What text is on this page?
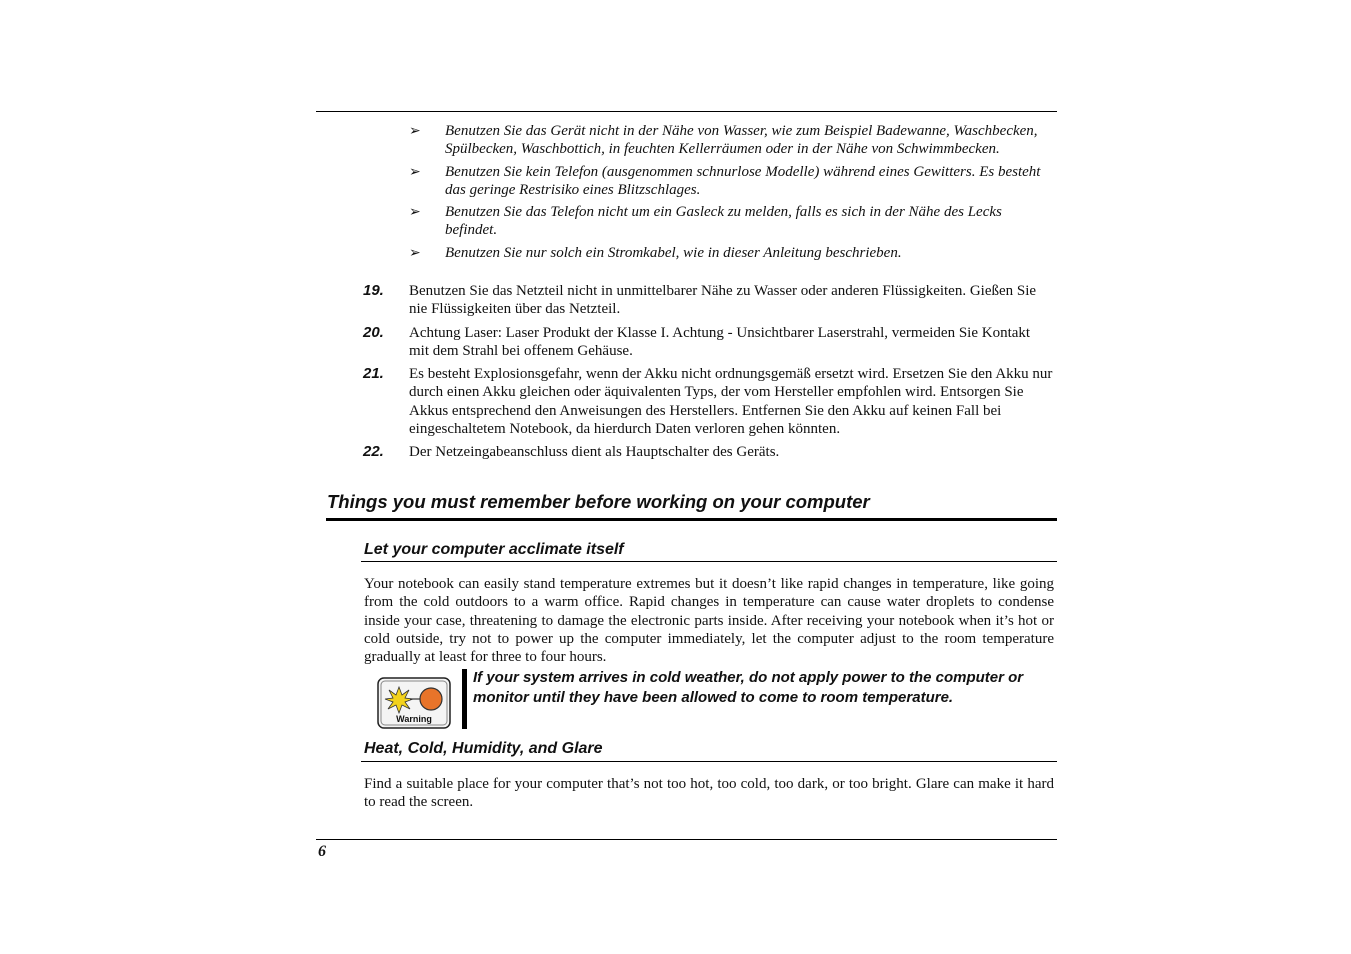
➢	Benutzen Sie das Gerät nicht in der Nähe von Wasser, wie zum Beispiel Badewanne, Waschbecken, Spülbecken, Waschbottich, in feuchten Kellerräumen oder in der Nähe von Schwimmbecken.
➢	Benutzen Sie kein Telefon (ausgenommen schnurlose Modelle) während eines Gewitters. Es besteht das geringe Restrisiko eines Blitzschlages.
➢	Benutzen Sie das Telefon nicht um ein Gasleck zu melden, falls es sich in der Nähe des Lecks befindet.
➢	Benutzen Sie nur solch ein Stromkabel, wie in dieser Anleitung beschrieben.
19.	Benutzen Sie das Netzteil nicht in unmittelbarer Nähe zu Wasser oder anderen Flüssigkeiten. Gießen Sie nie Flüssigkeiten über das Netzteil.
20.	Achtung Laser: Laser Produkt der Klasse I. Achtung - Unsichtbarer Laserstrahl, vermeiden Sie Kontakt mit dem Strahl bei offenem Gehäuse.
21.	Es besteht Explosionsgefahr, wenn der Akku nicht ordnungsgemäß ersetzt wird. Ersetzen Sie den Akku nur durch einen Akku gleichen oder äquivalenten Typs, der vom Hersteller empfohlen wird. Entsorgen Sie Akkus entsprechend den Anweisungen des Herstellers. Entfernen Sie den Akku auf keinen Fall bei eingeschaltetem Notebook, da hierdurch Daten verloren gehen könnten.
22.	Der Netzeingabeanschluss dient als Hauptschalter des Geräts.
Things you must remember before working on your computer
Let your computer acclimate itself
Your notebook can easily stand temperature extremes but it doesn’t like rapid changes in temperature, like going from the cold outdoors to a warm office. Rapid changes in temperature can cause water droplets to condense inside your case, threatening to damage the electronic parts inside. After receiving your notebook when it’s hot or cold outside, try not to power up the computer immediately, let the computer adjust to the room temperature gradually at least for three to four hours.
Warning
If your system arrives in cold weather, do not apply power to the computer or monitor until they have been allowed to come to room temperature.
Heat, Cold, Humidity, and Glare
Find a suitable place for your computer that’s not too hot, too cold, too dark, or too bright. Glare can make it hard to read the screen.
6
